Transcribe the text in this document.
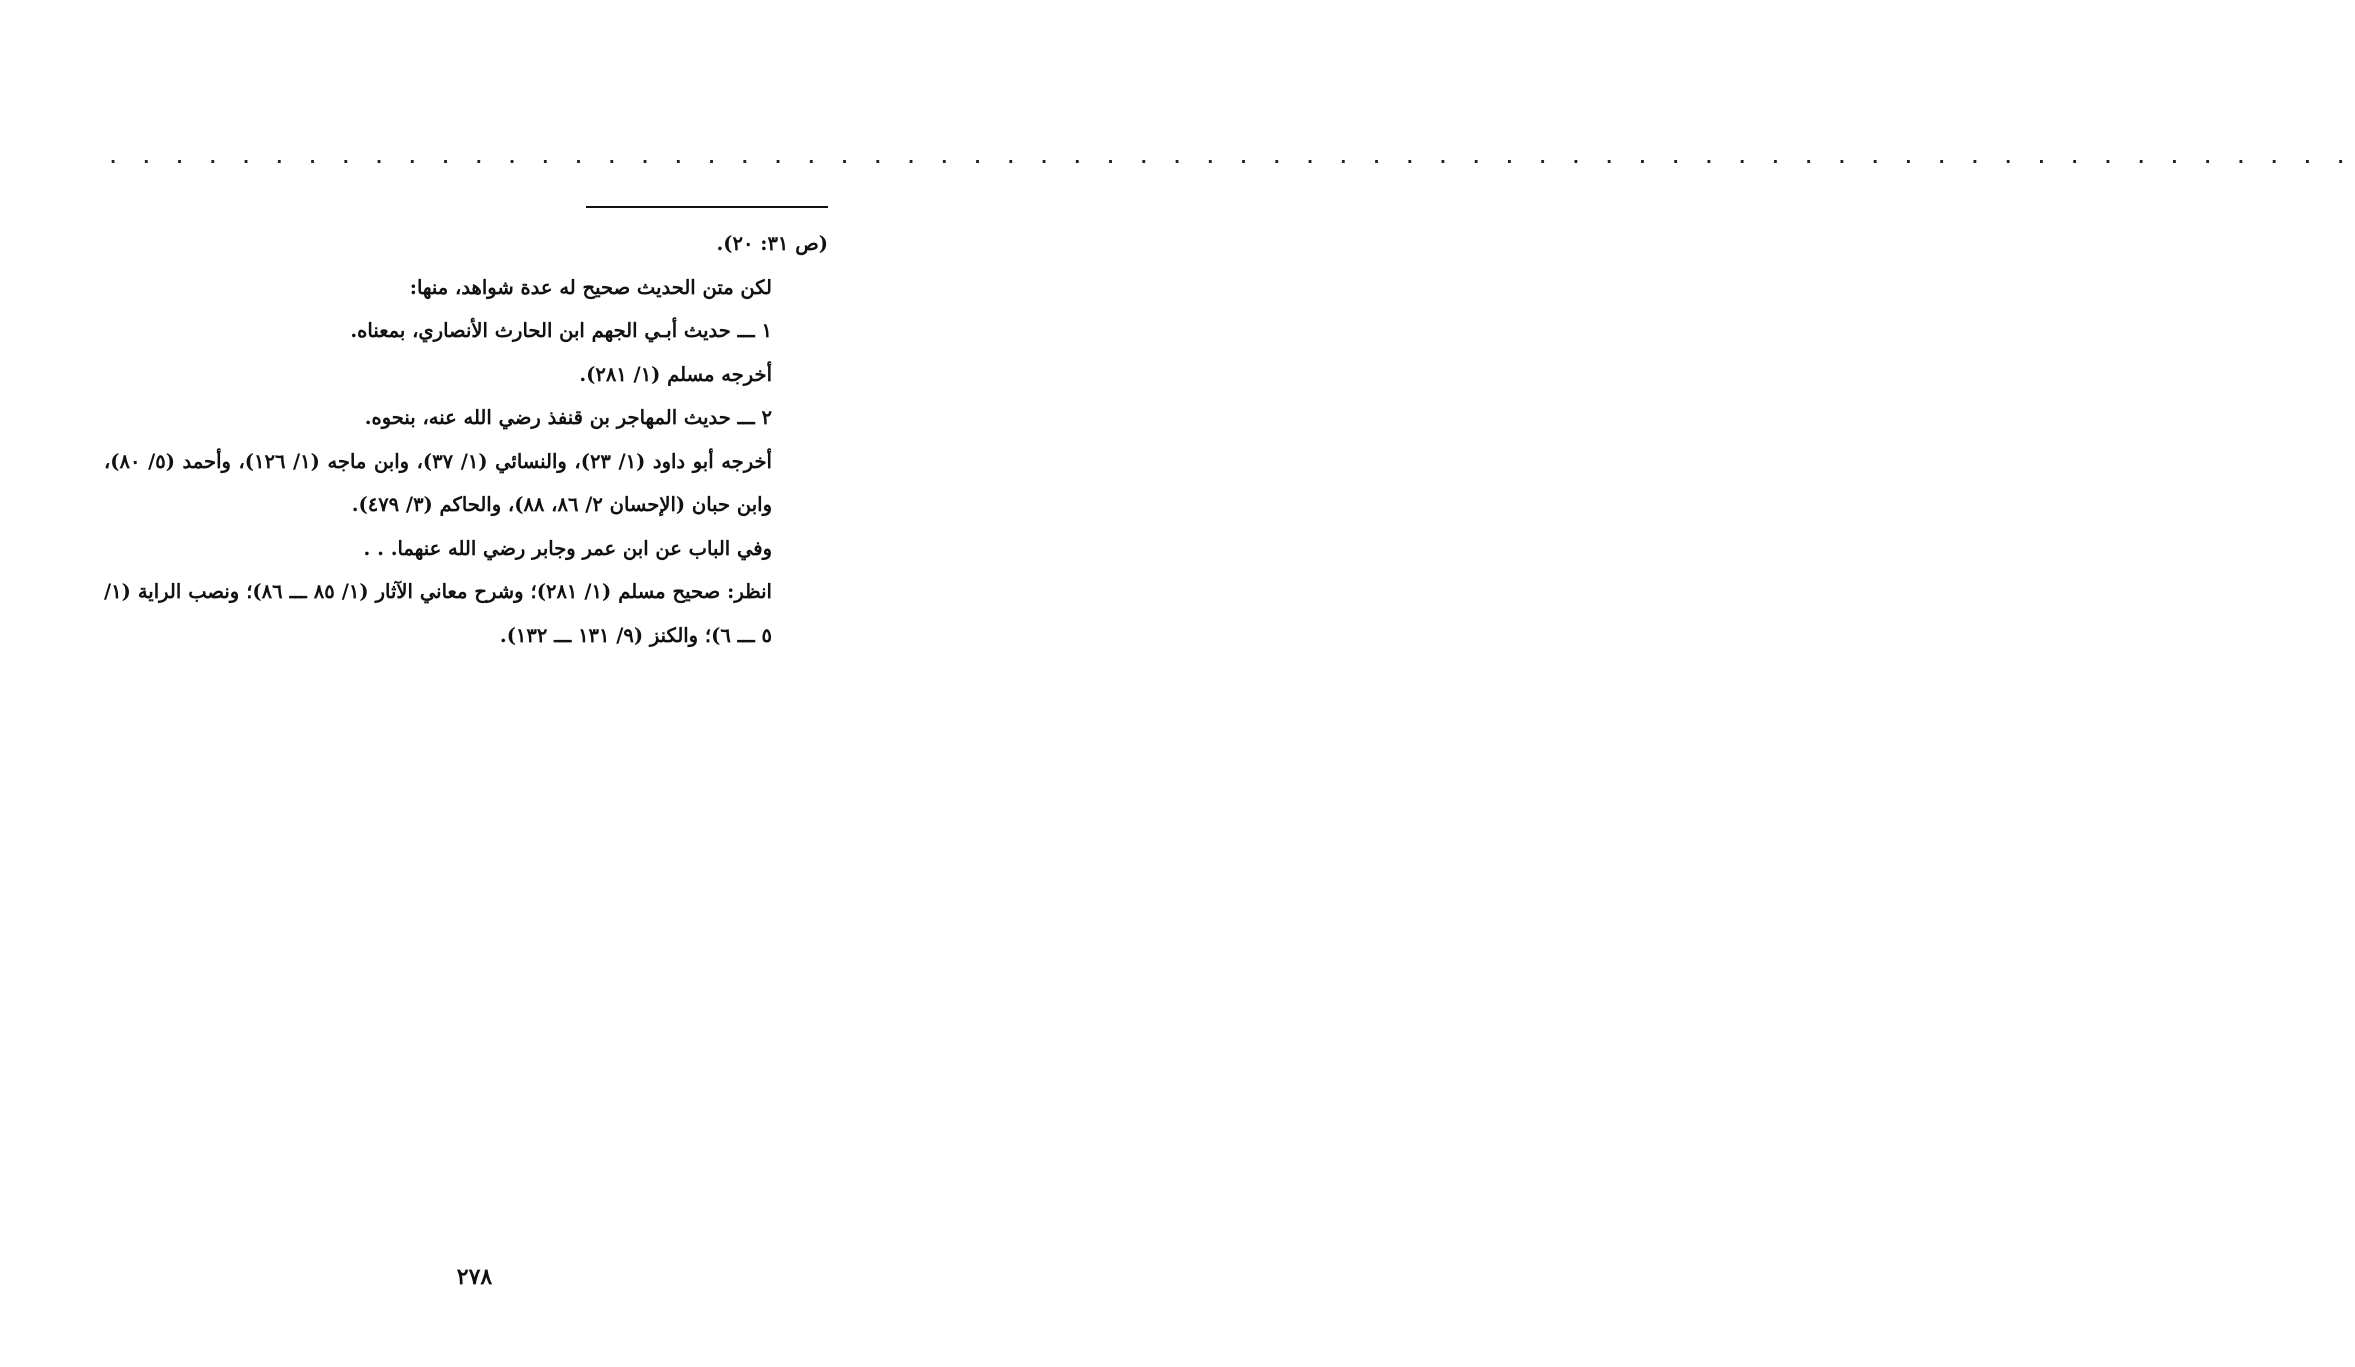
. . . . . . . . . . . . . . . . . . . . . . . . . . . . . . . . . . . . . . . . . . . . . . . . . . . . . . . . . . . . . . . . . . . .

(ص ٣١: ٢٠).

لكن متن الحديث صحيح له عدة شواهد، منها:

١ ـــ حديث أبـي الجهم ابن الحارث الأنصاري، بمعناه.

أخرجه مسلم (١/ ٢٨١).

٢ ـــ حديث المهاجر بن قنفذ رضي الله عنه، بنحوه.

أخرجه أبو داود (١/ ٢٣)، والنسائي (١/ ٣٧)، وابن ماجه (١/ ١٢٦)، وأحمد (٥/ ٨٠)، وابن حبان (الإحسان ٢/ ٨٦، ٨٨)، والحاكم (٣/ ٤٧٩).

وفي الباب عن ابن عمر وجابر رضي الله عنهما. . .

انظر: صحيح مسلم (١/ ٢٨١)؛ وشرح معاني الآثار (١/ ٨٥ ـــ ٨٦)؛ ونصب الراية (١/ ٥ ـــ ٦)؛ والكنز (٩/ ١٣١ ـــ ١٣٢).

٢٧٨
